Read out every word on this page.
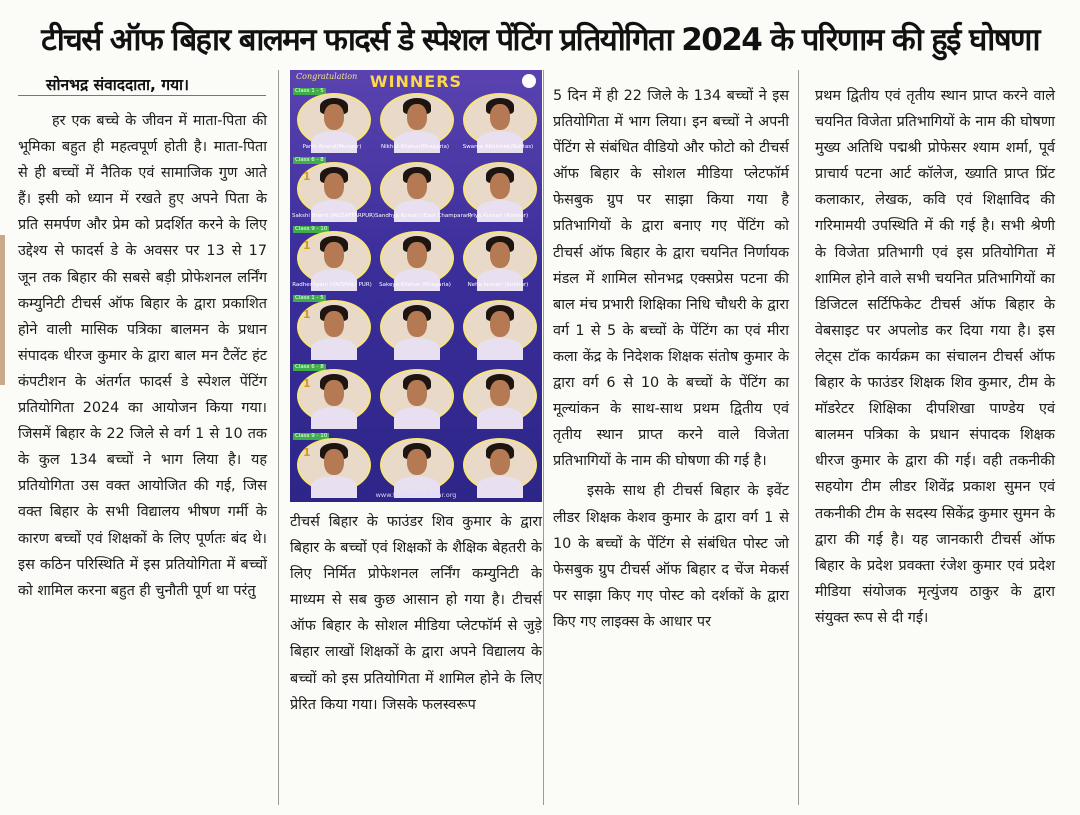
टीचर्स ऑफ बिहार बालमन फादर्स डे स्पेशल पेंटिंग प्रतियोगिता 2024 के परिणाम की हुई घोषणा
सोनभद्र संवाददाता, गया।

हर एक बच्चे के जीवन में माता-पिता की भूमिका बहुत ही महत्वपूर्ण होती है। माता-पिता से ही बच्चों में नैतिक एवं सामाजिक गुण आते हैं। इसी को ध्यान में रखते हुए अपने पिता के प्रति समर्पण और प्रेम को प्रदर्शित करने के लिए उद्देश्य से फादर्स डे के अवसर पर 13 से 17 जून तक बिहार की सबसे बड़ी प्रोफेशनल लर्निंग कम्युनिटी टीचर्स ऑफ बिहार के द्वारा प्रकाशित होने वाली मासिक पत्रिका बालमन के प्रधान संपादक धीरज कुमार के द्वारा बाल मन टैलेंट हंट कंपटीशन के अंतर्गत फादर्स डे स्पेशल पेंटिंग प्रतियोगिता 2024 का आयोजन किया गया। जिसमें बिहार के 22 जिले से वर्ग 1 से 10 तक के कुल 134 बच्चों ने भाग लिया है। यह प्रतियोगिता उस वक्त आयोजित की गई, जिस वक्त बिहार के सभी विद्यालय भीषण गर्मी के कारण बच्चों एवं शिक्षकों के लिए पूर्णतः बंद थे। इस कठिन परिस्थिति में इस प्रतियोगिता में बच्चों को शामिल करना बहुत ही चुनौती पूर्ण था परंतु

Congratulation WINNERS
Class 1 - 5
Parth Anand(Munger)	Nikhat Khatun(Khagaria)	Swarna Abhishek(Rohtas)
Class 6 - 8
1
Sakshi Bharti (MUZAFFARPUR) Sandhya Kumari (East Champaran)
Priya Kumari (Kaimur)
Class 9 - 10
1
Radheshyam (VAISHALI PUR)	Sakeya Khatun (Khagaria)	Neha kumari (Kaimur)
Class 1 - 5
1
Class 6 - 8
1
Class 9 - 10
1
www.teachersofbihar.org

टीचर्स बिहार के फाउंडर शिव कुमार के द्वारा बिहार के बच्चों एवं शिक्षकों के शैक्षिक बेहतरी के लिए निर्मित प्रोफेशनल लर्निंग कम्युनिटी के माध्यम से सब कुछ आसान हो गया है। टीचर्स ऑफ बिहार के सोशल मीडिया प्लेटफॉर्म से जुड़े बिहार लाखों शिक्षकों के द्वारा अपने विद्यालय के बच्चों को इस प्रतियोगिता में शामिल होने के लिए प्रेरित किया गया। जिसके फलस्वरूप

5 दिन में ही 22 जिले के 134 बच्चों ने इस प्रतियोगिता में भाग लिया। इन बच्चों ने अपनी पेंटिंग से संबंधित वीडियो और फोटो को टीचर्स ऑफ बिहार के सोशल मीडिया प्लेटफॉर्म फेसबुक ग्रुप पर साझा किया गया है प्रतिभागियों के द्वारा बनाए गए पेंटिंग को टीचर्स ऑफ बिहार के द्वारा चयनित निर्णायक मंडल में शामिल सोनभद्र एक्सप्रेस पटना की बाल मंच प्रभारी शिक्षिका निधि चौधरी के द्वारा वर्ग 1 से 5 के बच्चों के पेंटिंग का एवं मीरा कला केंद्र के निदेशक शिक्षक संतोष कुमार के द्वारा वर्ग 6 से 10 के बच्चों के पेंटिंग का मूल्यांकन के साथ-साथ प्रथम द्वितीय एवं तृतीय स्थान प्राप्त करने वाले विजेता प्रतिभागियों के नाम की घोषणा की गई है।

इसके साथ ही टीचर्स बिहार के इवेंट लीडर शिक्षक केशव कुमार के द्वारा वर्ग 1 से 10 के बच्चों के पेंटिंग से संबंधित पोस्ट जो फेसबुक ग्रुप टीचर्स ऑफ बिहार द चेंज मेकर्स पर साझा किए गए पोस्ट को दर्शकों के द्वारा किए गए लाइक्स के आधार पर

प्रथम द्वितीय एवं तृतीय स्थान प्राप्त करने वाले चयनित विजेता प्रतिभागियों के नाम की घोषणा मुख्य अतिथि पद्मश्री प्रोफेसर श्याम शर्मा, पूर्व प्राचार्य पटना आर्ट कॉलेज, ख्याति प्राप्त प्रिंट कलाकार, लेखक, कवि एवं शिक्षाविद की गरिमामयी उपस्थिति में की गई है। सभी श्रेणी के विजेता प्रतिभागी एवं इस प्रतियोगिता में शामिल होने वाले सभी चयनित प्रतिभागियों का डिजिटल सर्टिफिकेट टीचर्स ऑफ बिहार के वेबसाइट पर अपलोड कर दिया गया है। इस लेट्स टॉक कार्यक्रम का संचालन टीचर्स ऑफ बिहार के फाउंडर शिक्षक शिव कुमार, टीम के मॉडरेटर शिक्षिका दीपशिखा पाण्डेय एवं बालमन पत्रिका के प्रधान संपादक शिक्षक धीरज कुमार के द्वारा की गई। वही तकनीकी सहयोग टीम लीडर शिवेंद्र प्रकाश सुमन एवं तकनीकी टीम के सदस्य सिकेंद्र कुमार सुमन के द्वारा की गई है। यह जानकारी टीचर्स ऑफ बिहार के प्रदेश प्रवक्ता रंजेश कुमार एवं प्रदेश मीडिया संयोजक मृत्युंजय ठाकुर के द्वारा संयुक्त रूप से दी गई।
